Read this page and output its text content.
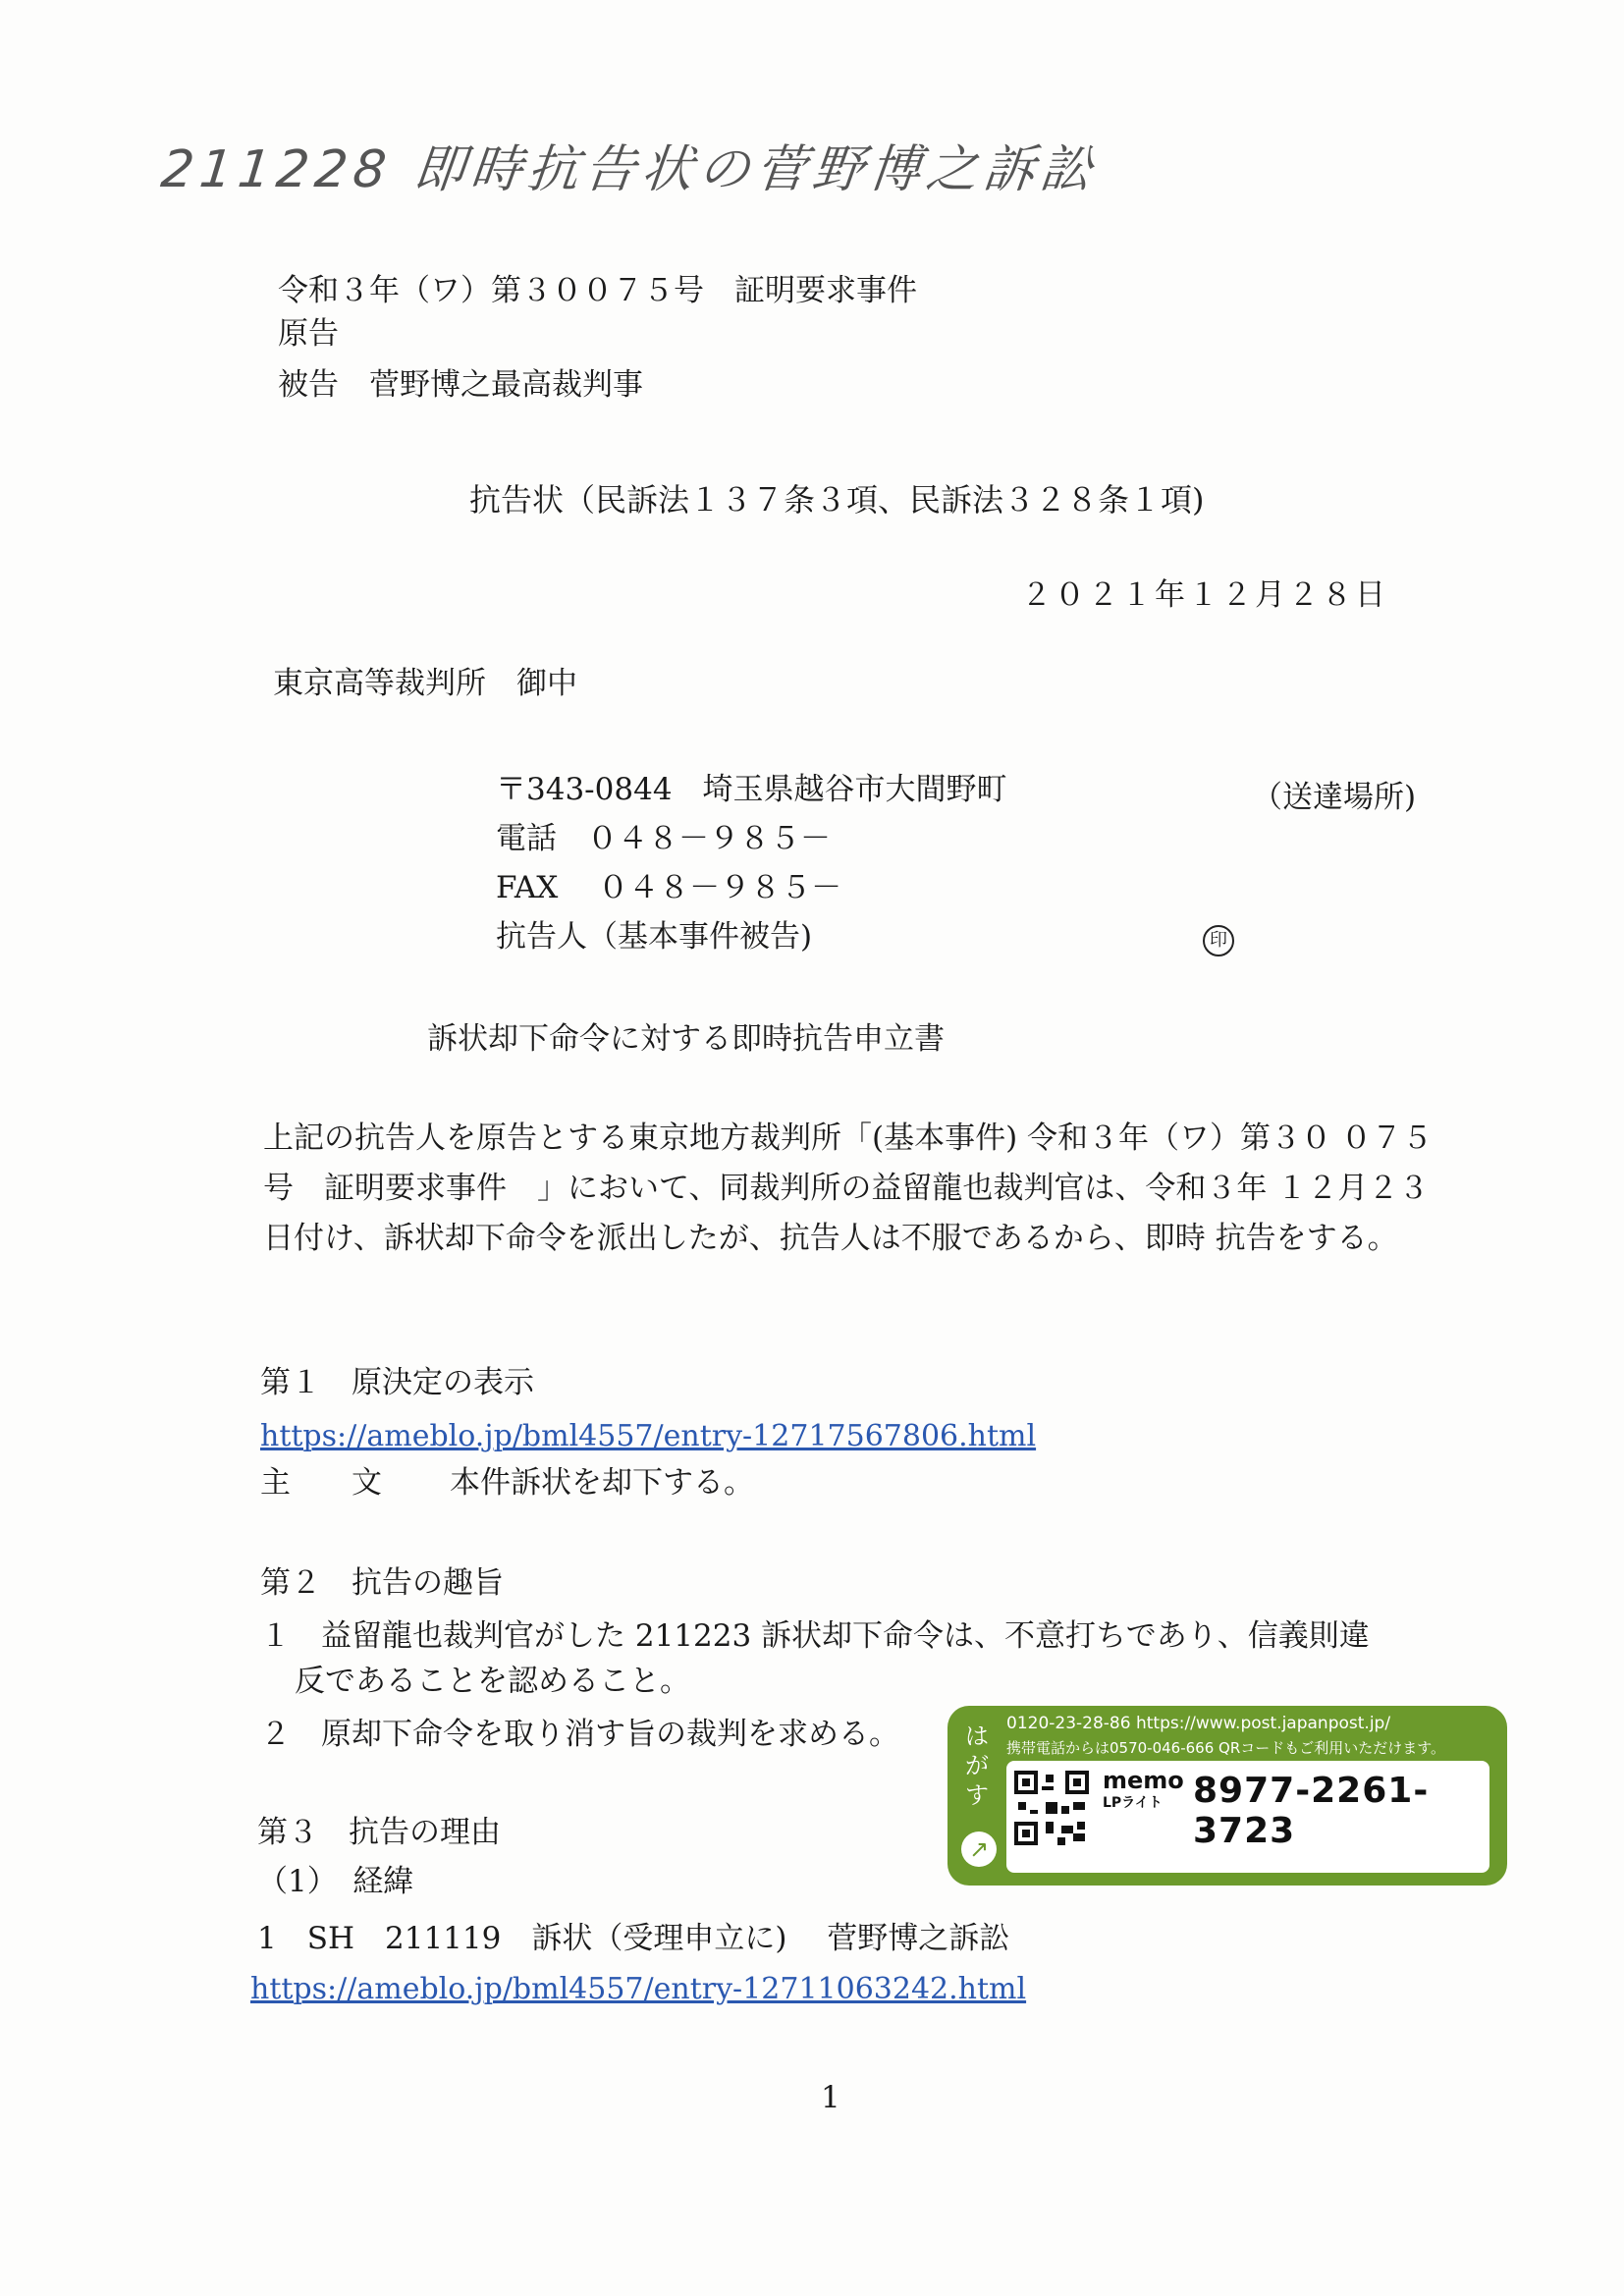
211228 即時抗告状の菅野博之訴訟
令和３年（ワ）第３００７５号　証明要求事件
原告
被告　菅野博之最高裁判事
抗告状（民訴法１３７条３項、民訴法３２８条１項)
２０２１年１２月２８日
東京高等裁判所　御中
〒343-0844　埼玉県越谷市大間野町	（送達場所)
電話　０４８－９８５－
FAX　 ０４８－９８５－
抗告人（基本事件被告)	印
訴状却下命令に対する即時抗告申立書
上記の抗告人を原告とする東京地方裁判所「(基本事件) 令和３年（ワ）第３０ ０７５号　証明要求事件　」において、同裁判所の益留龍也裁判官は、令和３年 １２月２３日付け、訴状却下命令を派出したが、抗告人は不服であるから、即時 抗告をする。
第１　原決定の表示
https://ameblo.jp/bml4557/entry-12717567806.html
主　　文 本件訴状を却下する。
第２　抗告の趣旨
１　益留龍也裁判官がした 211223 訴状却下命令は、不意打ちであり、信義則違
反であることを認めること。
２　原却下命令を取り消す旨の裁判を求める。
第３　抗告の理由
（1）　経緯
1　SH　211119　訴状（受理申立に)　 菅野博之訴訟
https://ameblo.jp/bml4557/entry-12711063242.html
1
0120-23-28-86 https://www.post.japanpost.jp/
携帯電話からは0570-046-666 QRコードもご利用いただけます。
はがす
↗
memo
LPライト 8977-2261-3723
